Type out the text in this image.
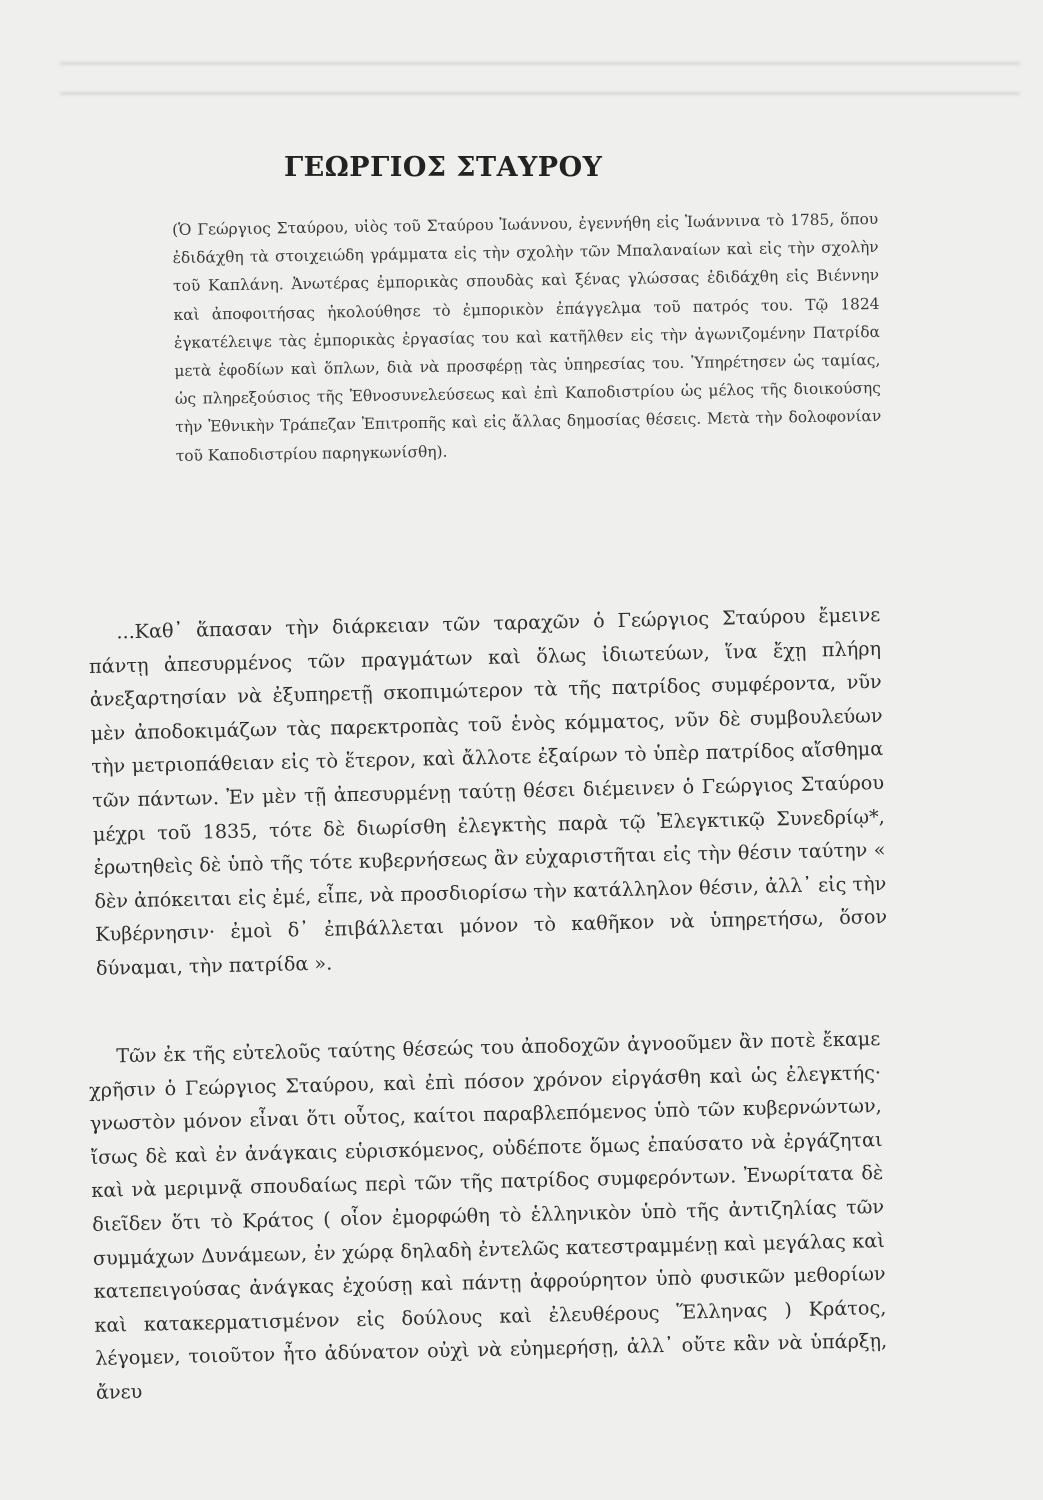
ΓΕΩΡΓΙΟΣ ΣΤΑΥΡΟΥ

(Ὁ Γεώργιος Σταύρου, υἱὸς τοῦ Σταύρου Ἰωάννου, ἐγεννήθη εἰς Ἰωάννινα τὸ 1785, ὅπου ἐδιδάχθη τὰ στοιχειώδη γράμματα εἰς τὴν σχολὴν τῶν Μπαλαναίων καὶ εἰς τὴν σχολὴν τοῦ Καπλάνη. Ἀνωτέρας ἐμπορικὰς σπουδὰς καὶ ξένας γλώσσας ἐδιδάχθη εἰς Βιέννην καὶ ἀποφοιτήσας ἠκολούθησε τὸ ἐμπορικὸν ἐπάγγελμα τοῦ πατρός του. Τῷ 1824 ἐγκατέλειψε τὰς ἐμπορικὰς ἐργασίας του καὶ κατῆλθεν εἰς τὴν ἀγωνιζομένην Πατρίδα μετὰ ἐφοδίων καὶ ὅπλων, διὰ νὰ προσφέρῃ τὰς ὑπηρεσίας του. Ὑπηρέτησεν ὡς ταμίας, ὡς πληρεξούσιος τῆς Ἐθνοσυνελεύσεως καὶ ἐπὶ Καποδιστρίου ὡς μέλος τῆς διοικούσης τὴν Ἐθνικὴν Τράπεζαν Ἐπιτροπῆς καὶ εἰς ἄλλας δημοσίας θέσεις. Μετὰ τὴν δολοφονίαν τοῦ Καποδιστρίου παρηγκωνίσθη).

...Καθ᾽ ἅπασαν τὴν διάρκειαν τῶν ταραχῶν ὁ Γεώργιος Σταύρου ἔμεινε πάντῃ ἀπεσυρμένος τῶν πραγμάτων καὶ ὅλως ἰδιωτεύων, ἵνα ἔχῃ πλήρη ἀνεξαρτησίαν νὰ ἐξυπηρετῇ σκοπιμώτερον τὰ τῆς πατρίδος συμφέροντα, νῦν μὲν ἀποδοκιμάζων τὰς παρεκτροπὰς τοῦ ἑνὸς κόμματος, νῦν δὲ συμβουλεύων τὴν μετριοπάθειαν εἰς τὸ ἕτερον, καὶ ἄλλοτε ἐξαίρων τὸ ὑπὲρ πατρίδος αἴσθημα τῶν πάντων. Ἐν μὲν τῇ ἀπεσυρμένῃ ταύτῃ θέσει διέμεινεν ὁ Γεώργιος Σταύρου μέχρι τοῦ 1835, τότε δὲ διωρίσθη ἐλεγκτὴς παρὰ τῷ Ἐλεγκτικῷ Συνεδρίῳ*, ἐρωτηθεὶς δὲ ὑπὸ τῆς τότε κυβερνήσεως ἂν εὐχαριστῆται εἰς τὴν θέσιν ταύτην « δὲν ἀπόκειται εἰς ἐμέ, εἶπε, νὰ προσδιορίσω τὴν κατάλληλον θέσιν, ἀλλ᾽ εἰς τὴν Κυβέρνησιν· ἐμοὶ δ᾽ ἐπιβάλλεται μόνον τὸ καθῆκον νὰ ὑπηρετήσω, ὅσον δύναμαι, τὴν πατρίδα ».

Τῶν ἐκ τῆς εὐτελοῦς ταύτης θέσεώς του ἀποδοχῶν ἀγνοοῦμεν ἂν ποτὲ ἔκαμε χρῆσιν ὁ Γεώργιος Σταύρου, καὶ ἐπὶ πόσον χρόνον εἰργάσθη καὶ ὡς ἐλεγκτής· γνωστὸν μόνον εἶναι ὅτι οὗτος, καίτοι παραβλεπόμενος ὑπὸ τῶν κυβερνώντων, ἴσως δὲ καὶ ἐν ἀνάγκαις εὑρισκόμενος, οὐδέποτε ὅμως ἐπαύσατο νὰ ἐργάζηται καὶ νὰ μεριμνᾷ σπουδαίως περὶ τῶν τῆς πατρίδος συμφερόντων. Ἐνωρίτατα δὲ διεῖδεν ὅτι τὸ Κράτος ( οἷον ἐμορφώθη τὸ ἑλληνικὸν ὑπὸ τῆς ἀντιζηλίας τῶν συμμάχων Δυνάμεων, ἐν χώρᾳ δηλαδὴ ἐντελῶς κατεστραμμένῃ καὶ μεγάλας καὶ κατεπειγούσας ἀνάγκας ἐχούσῃ καὶ πάντῃ ἀφρούρητον ὑπὸ φυσικῶν μεθορίων καὶ κατακερματισμένον εἰς δούλους καὶ ἐλευθέρους Ἕλληνας ) Κράτος, λέγομεν, τοιοῦτον ἦτο ἀδύνατον οὐχὶ νὰ εὐημερήσῃ, ἀλλ᾽ οὔτε κἂν νὰ ὑπάρξῃ, ἄνευ
